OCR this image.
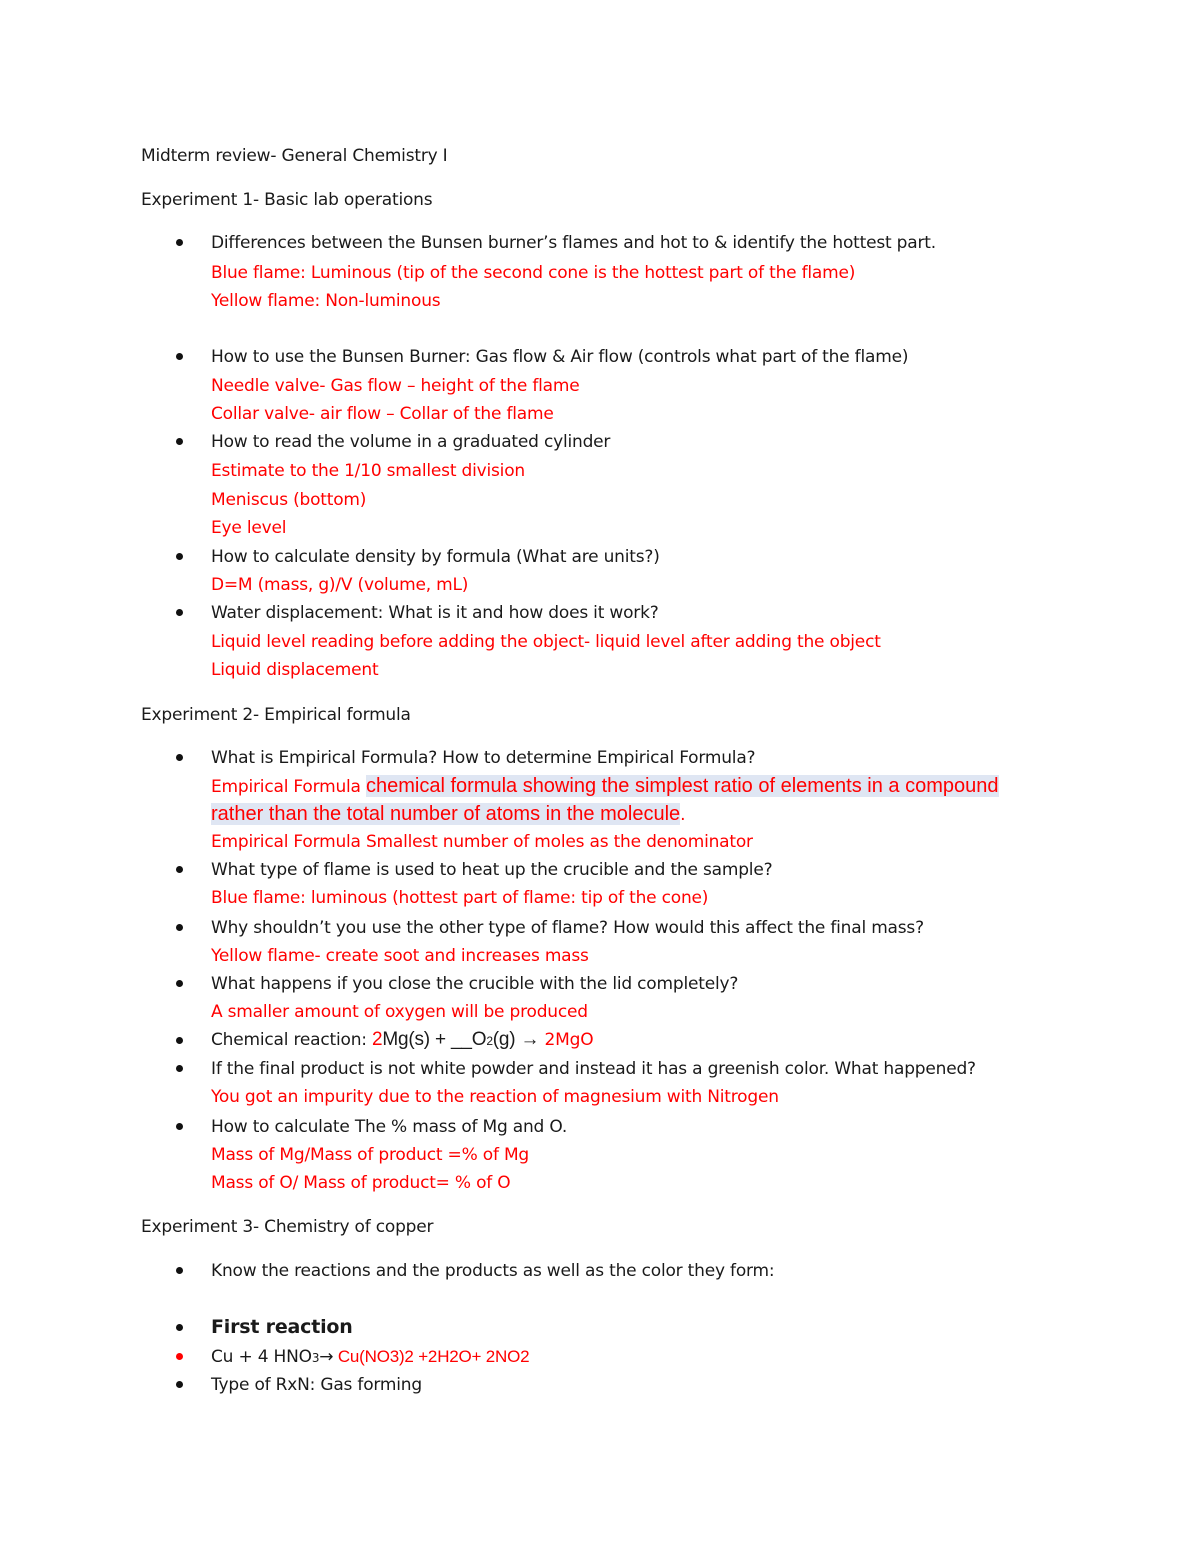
Midterm review- General Chemistry I
Experiment 1- Basic lab operations
Differences between the Bunsen burner’s flames and hot to & identify the hottest part.
Blue flame: Luminous (tip of the second cone is the hottest part of the flame)
Yellow flame: Non-luminous
How to use the Bunsen Burner: Gas flow & Air flow (controls what part of the flame)
Needle valve- Gas flow – height of the flame
Collar valve- air flow – Collar of the flame
How to read the volume in a graduated cylinder
Estimate to the 1/10 smallest division
Meniscus (bottom)
Eye level
How to calculate density by formula (What are units?)
D=M (mass, g)/V (volume, mL)
Water displacement: What is it and how does it work?
Liquid level reading before adding the object- liquid level after adding the object
Liquid displacement
Experiment 2- Empirical formula
What is Empirical Formula? How to determine Empirical Formula?
Empirical Formula chemical formula showing the simplest ratio of elements in a compound
rather than the total number of atoms in the molecule.
Empirical Formula Smallest number of moles as the denominator
What type of flame is used to heat up the crucible and the sample?
Blue flame: luminous (hottest part of flame: tip of the cone)
Why shouldn’t you use the other type of flame? How would this affect the final mass?
Yellow flame- create soot and increases mass
What happens if you close the crucible with the lid completely?
A smaller amount of oxygen will be produced
Chemical reaction: 2Mg(s) + __O2(g) → 2MgO
If the final product is not white powder and instead it has a greenish color. What happened?
You got an impurity due to the reaction of magnesium with Nitrogen
How to calculate The % mass of Mg and O.
Mass of Mg/Mass of product =% of Mg
Mass of O/ Mass of product= % of O
Experiment 3- Chemistry of copper
Know the reactions and the products as well as the color they form:
First reaction
Cu + 4 HNO3→ Cu(NO3)2 +2H2O+ 2NO2
Type of RxN: Gas forming
